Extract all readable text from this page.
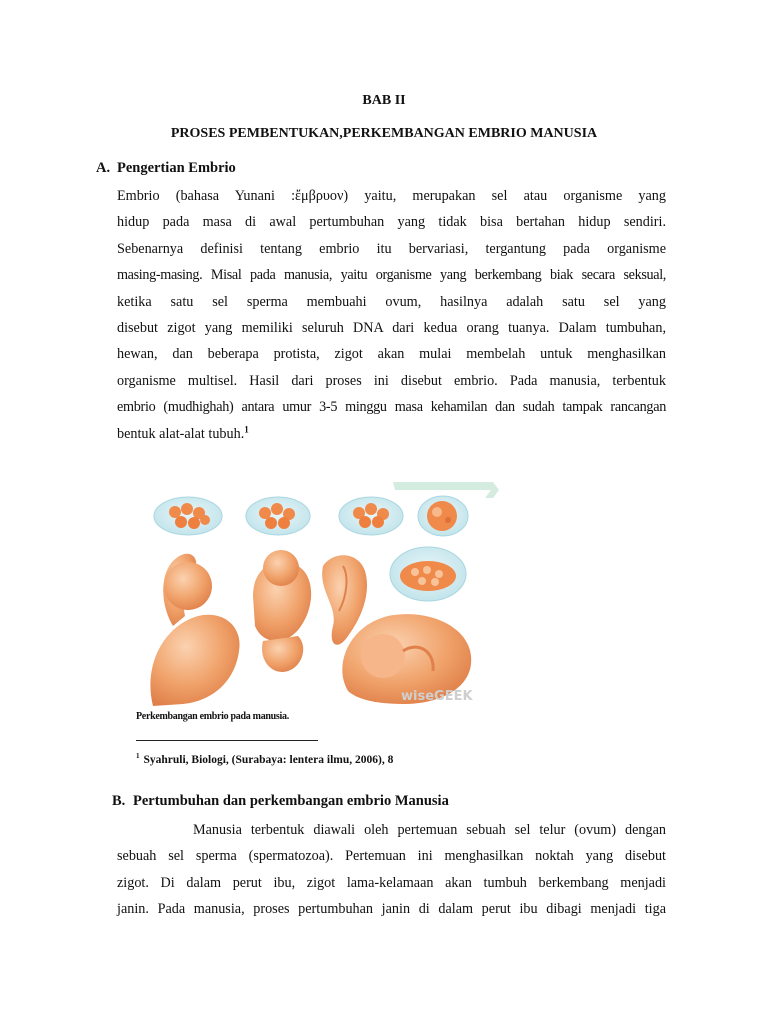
BAB II
PROSES PEMBENTUKAN,PERKEMBANGAN EMBRIO MANUSIA
A. Pengertian Embrio
Embrio (bahasa Yunani :ἔμβρυον) yaitu, merupakan sel atau organisme yang
hidup pada masa di awal pertumbuhan yang tidak bisa bertahan hidup sendiri.
Sebenarnya definisi tentang embrio itu bervariasi, tergantung pada organisme
masing-masing. Misal pada manusia, yaitu organisme yang berkembang biak secara seksual,
ketika satu sel sperma membuahi ovum, hasilnya adalah satu sel yang
disebut zigot yang memiliki seluruh DNA dari kedua orang tuanya. Dalam tumbuhan,
hewan, dan beberapa protista, zigot akan mulai membelah untuk menghasilkan
organisme multisel. Hasil dari proses ini disebut embrio. Pada manusia, terbentuk
embrio (mudhighah) antara umur 3-5 minggu masa kehamilan dan sudah tampak rancangan
bentuk alat-alat tubuh.$^1$
wiseGEEK
Perkembangan embrio pada manusia.
$^1$ Syahruli, Biologi, (Surabaya: lentera ilmu, 2006), 8
B. Pertumbuhan dan perkembangan embrio Manusia
Manusia terbentuk diawali oleh pertemuan sebuah sel telur (ovum) dengan
sebuah sel sperma (spermatozoa). Pertemuan ini menghasilkan noktah yang disebut
zigot. Di dalam perut ibu, zigot lama-kelamaan akan tumbuh berkembang menjadi
janin. Pada manusia, proses pertumbuhan janin di dalam perut ibu dibagi menjadi tiga
